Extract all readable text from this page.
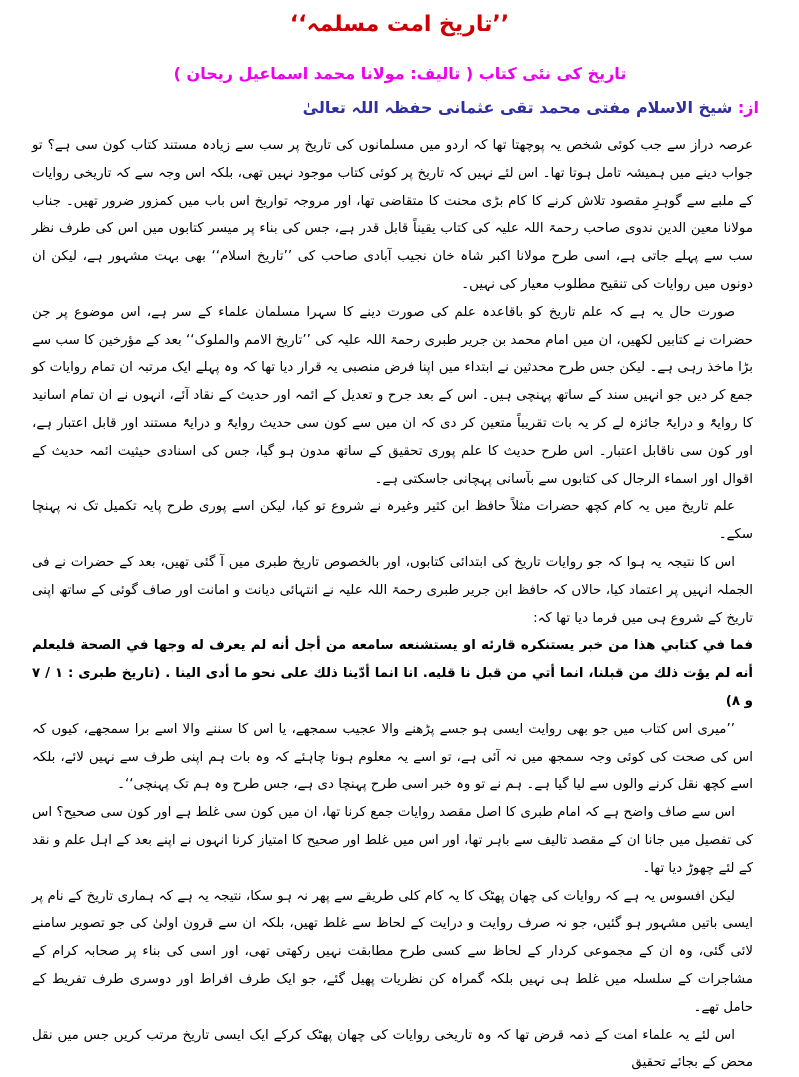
’’تاریخ امت مسلمہ‘‘
تاریخ کی نئی کتاب ( تالیف: مولانا محمد اسماعیل ریحان )
از: شیخ الاسلام مفتی محمد تقی عثمانی حفظہ اللہ تعالیٰ

عرصہ دراز سے جب کوئی شخص یہ پوچھتا تھا کہ اردو میں مسلمانوں کی تاریخ پر سب سے زیادہ مستند کتاب کون سی ہے؟ تو جواب دینے میں ہمیشہ تامل ہوتا تھا۔ اس لئے نہیں کہ تاریخ پر کوئی کتاب موجود نہیں تھی، بلکہ اس وجہ سے کہ تاریخی روایات کے ملبے سے گوہرِ مقصود تلاش کرنے کا کام بڑی محنت کا متقاضی تھا، اور مروجہ تواریخ اس باب میں کمزور ضرور تھیں۔ جناب مولانا معین الدین ندوی صاحب رحمۃ اللہ علیہ کی کتاب یقیناً قابل قدر ہے، جس کی بناء پر میسر کتابوں میں اس کی طرف نظر سب سے پہلے جاتی ہے، اسی طرح مولانا اکبر شاہ خان نجیب آبادی صاحب کی ’’تاریخ اسلام‘‘ بھی بہت مشہور ہے، لیکن ان دونوں میں روایات کی تنقیح مطلوب معیار کی نہیں۔

صورت حال یہ ہے کہ علم تاریخ کو باقاعدہ علم کی صورت دینے کا سہرا مسلمان علماء کے سر ہے، اس موضوع پر جن حضرات نے کتابیں لکھیں، ان میں امام محمد بن جریر طبری رحمۃ اللہ علیہ کی ’’تاریخ الامم والملوک‘‘ بعد کے مؤرخین کا سب سے بڑا ماخذ رہی ہے۔ لیکن جس طرح محدثین نے ابتداء میں اپنا فرض منصبی یہ قرار دیا تھا کہ وہ پہلے ایک مرتبہ ان تمام روایات کو جمع کر دیں جو انہیں سند کے ساتھ پہنچی ہیں۔ اس کے بعد جرح و تعدیل کے ائمہ اور حدیث کے نقاد آئے، انہوں نے ان تمام اسانید کا روایۃً و درایۃً جائزہ لے کر یہ بات تقریباً متعین کر دی کہ ان میں سے کون سی حدیث روایۃً و درایۃً مستند اور قابل اعتبار ہے، اور کون سی ناقابل اعتبار۔ اس طرح حدیث کا علم پوری تحقیق کے ساتھ مدون ہو گیا، جس کی اسنادی حیثیت ائمہ حدیث کے اقوال اور اسماء الرجال کی کتابوں سے بآسانی پہچانی جاسکتی ہے۔

علم تاریخ میں یہ کام کچھ حضرات مثلاً حافظ ابن کثیر وغیرہ نے شروع تو کیا، لیکن اسے پوری طرح پایہ تکمیل تک نہ پہنچا سکے۔

اس کا نتیجہ یہ ہوا کہ جو روایات تاریخ کی ابتدائی کتابوں، اور بالخصوص تاریخ طبری میں آ گئی تھیں، بعد کے حضرات نے فی الجملہ انہیں پر اعتماد کیا، حالاں کہ حافظ ابن جریر طبری رحمۃ اللہ علیہ نے انتہائی دیانت و امانت اور صاف گوئی کے ساتھ اپنی تاریخ کے شروع ہی میں فرما دیا تھا کہ:

فما في كتابي هذا من خبر يستنكره قارئه او يستشنعه سامعه من أجل أنه لم يعرف له وجها في الصحة فليعلم أنه لم يؤت ذلك من قبلنا، انما أتي من قبل نا قليه. انا انما أدّينا ذلك على نحو ما أدى الينا . (تاريخ طبرى : ١ / ٧ و ٨)

’’میری اس کتاب میں جو بھی روایت ایسی ہو جسے پڑھنے والا عجیب سمجھے، یا اس کا سننے والا اسے برا سمجھے، کیوں کہ اس کی صحت کی کوئی وجہ سمجھ میں نہ آئی ہے، تو اسے یہ معلوم ہونا چاہئے کہ وہ بات ہم اپنی طرف سے نہیں لائے، بلکہ اسے کچھ نقل کرنے والوں سے لیا گیا ہے۔ ہم نے تو وہ خبر اسی طرح پہنچا دی ہے، جس طرح وہ ہم تک پہنچی‘‘۔

اس سے صاف واضح ہے کہ امام طبری کا اصل مقصد روایات جمع کرنا تھا، ان میں کون سی غلط ہے اور کون سی صحیح؟ اس کی تفصیل میں جانا ان کے مقصد تالیف سے باہر تھا، اور اس میں غلط اور صحیح کا امتیاز کرنا انہوں نے اپنے بعد کے اہل علم و نقد کے لئے چھوڑ دیا تھا۔

لیکن افسوس یہ ہے کہ روایات کی چھان پھٹک کا یہ کام کلی طریقے سے پھر نہ ہو سکا، نتیجہ یہ ہے کہ ہماری تاریخ کے نام پر ایسی باتیں مشہور ہو گئیں، جو نہ صرف روایت و درایت کے لحاظ سے غلط تھیں، بلکہ ان سے قرون اولیٰ کی جو تصویر سامنے لائی گئی، وہ ان کے مجموعی کردار کے لحاظ سے کسی طرح مطابقت نہیں رکھتی تھی، اور اسی کی بناء پر صحابہ کرام کے مشاجرات کے سلسلہ میں غلط ہی نہیں بلکہ گمراہ کن نظریات پھیل گئے، جو ایک طرف افراط اور دوسری طرف تفریط کے حامل تھے۔

اس لئے یہ علماء امت کے ذمہ قرض تھا کہ وہ تاریخی روایات کی چھان پھٹک کرکے ایک ایسی تاریخ مرتب کریں جس میں نقل محض کے بجائے تحقیق
